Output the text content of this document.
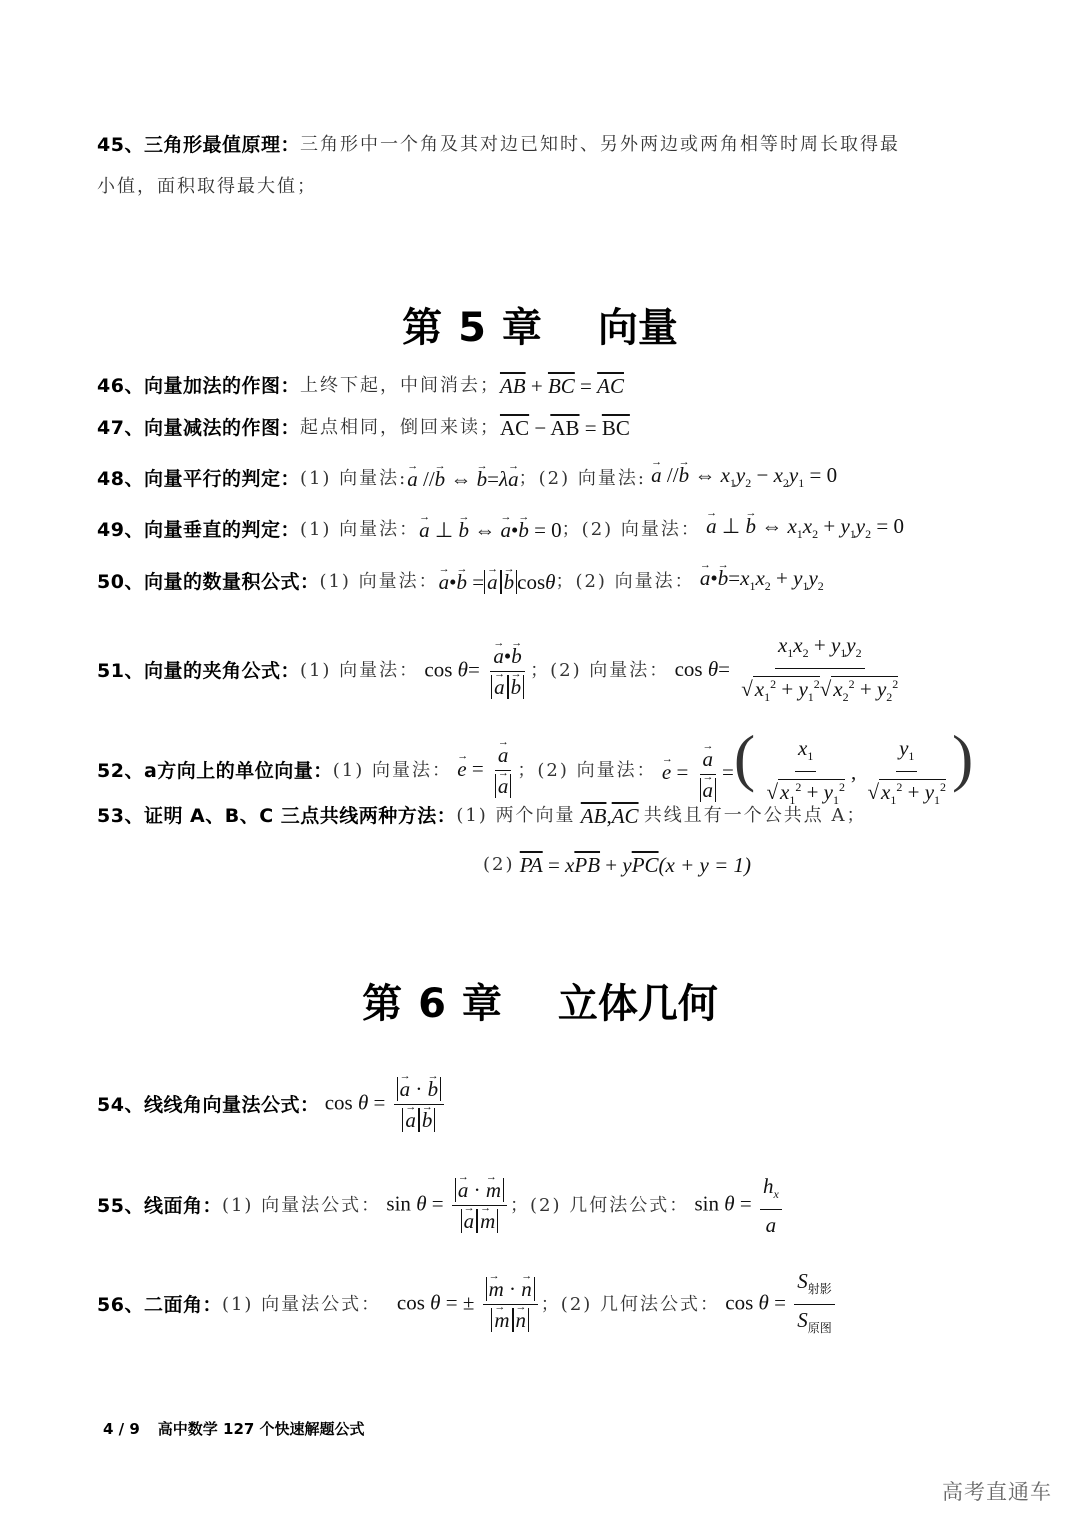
45、三角形最值原理： 三角形中一个角及其对边已知时、另外两边或两角相等时周长取得最
小值，面积取得最大值；
第 5 章 向量
46、向量加法的作图： 上终下起，中间消去； $\overline{AB} + \overline{BC} = \overline{AC}$
47、向量减法的作图： 起点相同，倒回来读； $\overline{AC} - \overline{AB} = \overline{BC}$
48、向量平行的判定： (1) 向量法: → a //→ b ⇔ → b=λ→ a ；(2) 向量法: → a //→ b ⇔ $x_1y_2 - x_2y_1 = 0$
49、向量垂直的判定： (1) 向量法： → a ⊥ → b ⇔ → a•→ b = 0 ；(2) 向量法： → a ⊥ → b ⇔ $x_1x_2 + y_1y_2 = 0$
50、向量的数量积公式： (1) 向量法： → a•→ b = → a → b cosθ ；(2) 向量法： → a•→ $b=x_1x_2 + y_1y_2$
51、向量的夹角公式： (1) 向量法： cos θ= → a•→ b
→ a → b ；(2) 向量法： $\cos \theta= \frac{x_1x_2 + y_1y_2}{√x_1^2 + y_1^2√x_2^2 + y_2^2}$
52、a方向上的单位向量： (1) 向量法： → e = → a
→ a ；(2) 向量法： → e = → a
→ a =( $\frac{x_1}{√x_1^2 + y_1^2}$ , $\frac{y_1}{√x_1^2 + y_1^2}$ )
53、证明 A、B、C 三点共线两种方法： (1) 两个向量 $\overline{AB},\overline{AC}$ 共线且有一个公共点 A；
(2) $\overline{PA} = x\overline{PB} + y\overline{PC}(x + y = 1)$
第 6 章 立体几何
54、线线角向量法公式： cos θ = → a · → b
→ a → b
55、线面角： (1) 向量法公式： sin θ = → a · → m
→ a → m ；(2) 几何法公式： $\sin \theta = \frac{h_x}{a}$
56、二面角： (1) 向量法公式： cos θ = ± → m · → n
→ m → n ；(2) 几何法公式： $\cos \theta = \frac{S_{射影}}{S_{原图}}$
4 / 9 高中数学 127 个快速解题公式
高考直通车
